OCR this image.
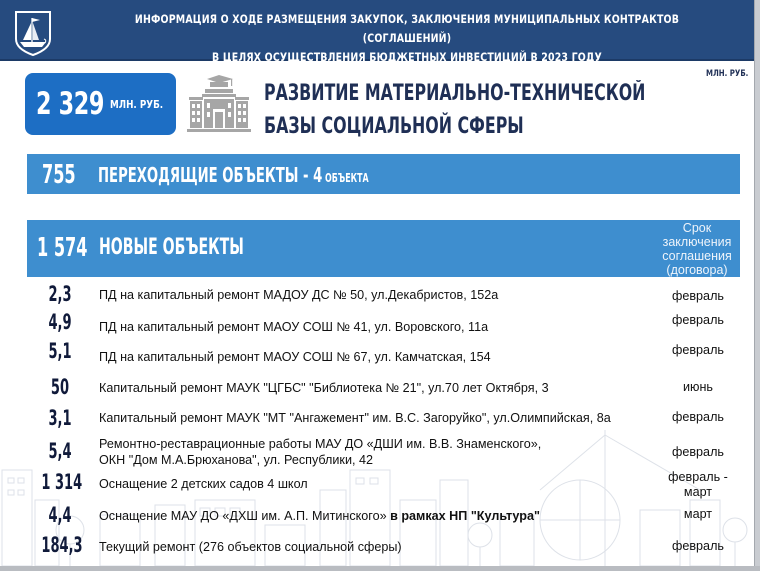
ИНФОРМАЦИЯ О ХОДЕ РАЗМЕЩЕНИЯ ЗАКУПОК, ЗАКЛЮЧЕНИЯ МУНИЦИПАЛЬНЫХ КОНТРАКТОВ (СОГЛАШЕНИЙ)
В ЦЕЛЯХ ОСУЩЕСТВЛЕНИЯ БЮДЖЕТНЫХ ИНВЕСТИЦИЙ В 2023 ГОДУ
2 329 МЛН. РУБ.	РАЗВИТИЕ МАТЕРИАЛЬНО-ТЕХНИЧЕСКОЙ
БАЗЫ СОЦИАЛЬНОЙ СФЕРЫ
МЛН. РУБ.
755 ПЕРЕХОДЯЩИЕ ОБЪЕКТЫ - 4 ОБЪЕКТА
1 574 НОВЫЕ ОБЪЕКТЫ
Срок заключения соглашения (договора)
2,3	ПД на капитальный ремонт МАДОУ ДС № 50, ул.Декабристов, 152а	февраль
4,9	ПД на капитальный ремонт МАОУ СОШ № 41, ул. Воровского, 11а	февраль
5,1	ПД на капитальный ремонт МАОУ СОШ № 67, ул. Камчатская, 154	февраль
50	Капитальный ремонт МАУК "ЦГБС" "Библиотека № 21", ул.70 лет Октября, 3	июнь
3,1	Капитальный ремонт МАУК "МТ "Ангажемент" им. В.С. Загоруйко", ул.Олимпийская, 8а	февраль
5,4	Ремонтно-реставрационные работы МАУ ДО «ДШИ им. В.В. Знаменского»,
ОКН "Дом М.А.Брюханова", ул. Республики, 42
февраль
1 314 Оснащение 2 детских садов 4 школ	февраль -
март
4,4	Оснащение МАУ ДО «ДХШ им. А.П. Митинского» в рамках НП "Культура"	март
184,3 Текущий ремонт (276 объектов социальной сферы)	февраль
